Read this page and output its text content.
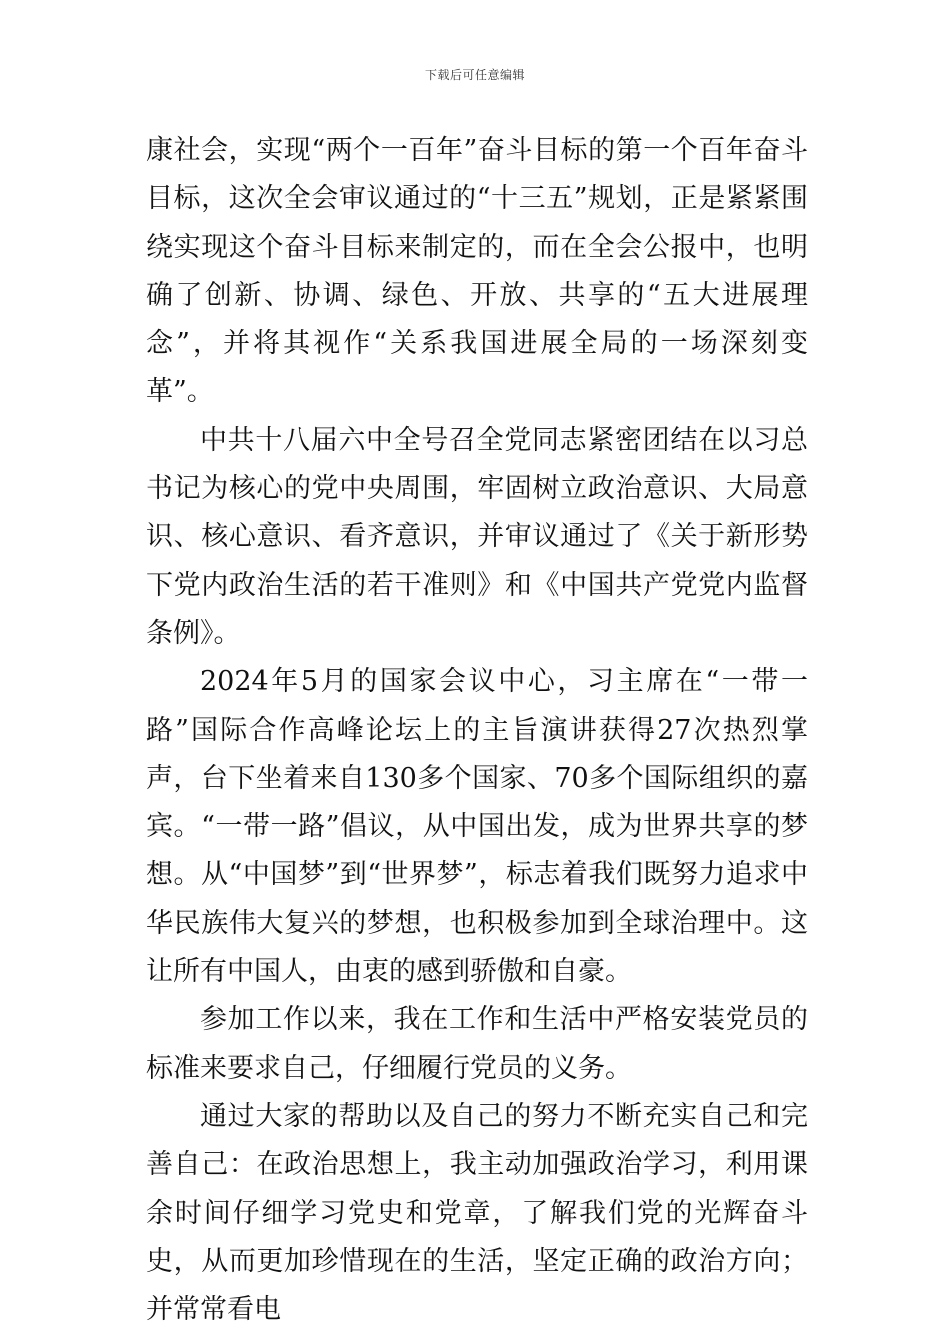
下载后可任意编辑

康社会，实现“两个一百年”奋斗目标的第一个百年奋斗目标，这次全会审议通过的“十三五”规划，正是紧紧围绕实现这个奋斗目标来制定的，而在全会公报中，也明确了创新、协调、绿色、开放、共享的“五大进展理念”，并将其视作“关系我国进展全局的一场深刻变革”。

中共十八届六中全号召全党同志紧密团结在以习总书记为核心的党中央周围，牢固树立政治意识、大局意识、核心意识、看齐意识，并审议通过了《关于新形势下党内政治生活的若干准则》和《中国共产党党内监督条例》。

2024年5月的国家会议中心，习主席在“一带一路”国际合作高峰论坛上的主旨演讲获得27次热烈掌声，台下坐着来自130多个国家、70多个国际组织的嘉宾。“一带一路”倡议，从中国出发，成为世界共享的梦想。从“中国梦”到“世界梦”，标志着我们既努力追求中华民族伟大复兴的梦想，也积极参加到全球治理中。这让所有中国人，由衷的感到骄傲和自豪。

参加工作以来，我在工作和生活中严格安装党员的标准来要求自己，仔细履行党员的义务。

通过大家的帮助以及自己的努力不断充实自己和完善自己：在政治思想上，我主动加强政治学习，利用课余时间仔细学习党史和党章，了解我们党的光辉奋斗史，从而更加珍惜现在的生活，坚定正确的政治方向；并常常看电
